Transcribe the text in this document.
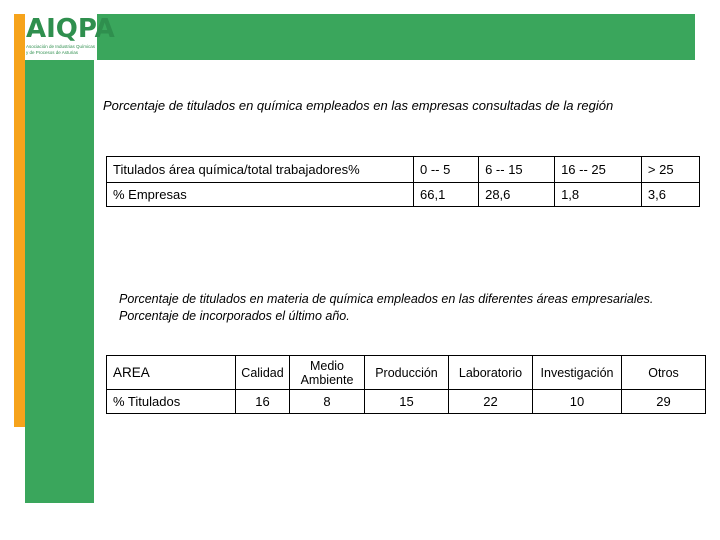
AIQPA
Asociación de Industrias Químicas y de Procesos de Asturias
Porcentaje de titulados en química empleados en las empresas consultadas de la región
Titulados área química/total trabajadores%	0 -- 5	6 -- 15	16 -- 25	> 25
% Empresas	66,1	28,6	1,8	3,6
Porcentaje de titulados en materia de química empleados en las diferentes áreas empresariales.
Porcentaje de incorporados el último año.
AREA	Calidad	Medio Ambiente	Producción	Laboratorio	Investigación	Otros
% Titulados	16	8	15	22	10	29
